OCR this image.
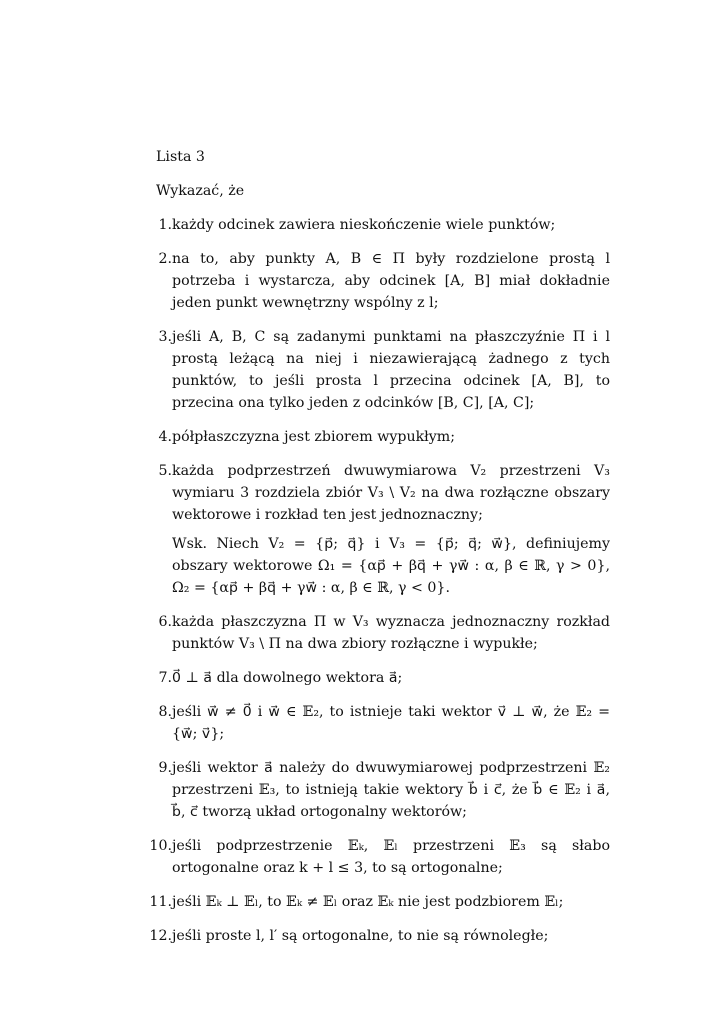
Lista 3
Wykazać, że
1. każdy odcinek zawiera nieskończenie wiele punktów;
2. na to, aby punkty A, B ∈ Π były rozdzielone prostą l potrzeba i wystarcza, aby odcinek [A, B] miał dokładnie jeden punkt wewnętrzny wspólny z l;
3. jeśli A, B, C są zadanymi punktami na płaszczyźnie Π i l prostą leżącą na niej i niezawierającą żadnego z tych punktów, to jeśli prosta l przecina odcinek [A, B], to przecina ona tylko jeden z odcinków [B, C], [A, C];
4. półpłaszczyzna jest zbiorem wypukłym;
5. każda podprzestrzeń dwuwymiarowa V₂ przestrzeni V₃ wymiaru 3 rozdziela zbiór V₃ \ V₂ na dwa rozłączne obszary wektorowe i rozkład ten jest jednoznaczny;
Wsk. Niech V₂ = {p⃗; q⃗} i V₃ = {p⃗; q⃗; w⃗}, definiujemy obszary wektorowe Ω₁ = {αp⃗ + βq⃗ + γw⃗ : α, β ∈ ℝ, γ > 0}, Ω₂ = {αp⃗ + βq⃗ + γw⃗ : α, β ∈ ℝ, γ < 0}.
6. każda płaszczyzna Π w V₃ wyznacza jednoznaczny rozkład punktów V₃ \ Π na dwa zbiory rozłączne i wypukłe;
7. 0⃗ ⊥ a⃗ dla dowolnego wektora a⃗;
8. jeśli w⃗ ≠ 0⃗ i w⃗ ∈ 𝔼₂, to istnieje taki wektor v⃗ ⊥ w⃗, że 𝔼₂ = {w⃗; v⃗};
9. jeśli wektor a⃗ należy do dwuwymiarowej podprzestrzeni 𝔼₂ przestrzeni 𝔼₃, to istnieją takie wektory b⃗ i c⃗, że b⃗ ∈ 𝔼₂ i a⃗, b⃗, c⃗ tworzą układ ortogonalny wektorów;
10. jeśli podprzestrzenie 𝔼ₖ, 𝔼ₗ przestrzeni 𝔼₃ są słabo ortogonalne oraz k + l ≤ 3, to są ortogonalne;
11. jeśli 𝔼ₖ ⊥ 𝔼ₗ, to 𝔼ₖ ≠ 𝔼ₗ oraz 𝔼ₖ nie jest podzbiorem 𝔼ₗ;
12. jeśli proste l, l′ są ortogonalne, to nie są równoległe;
